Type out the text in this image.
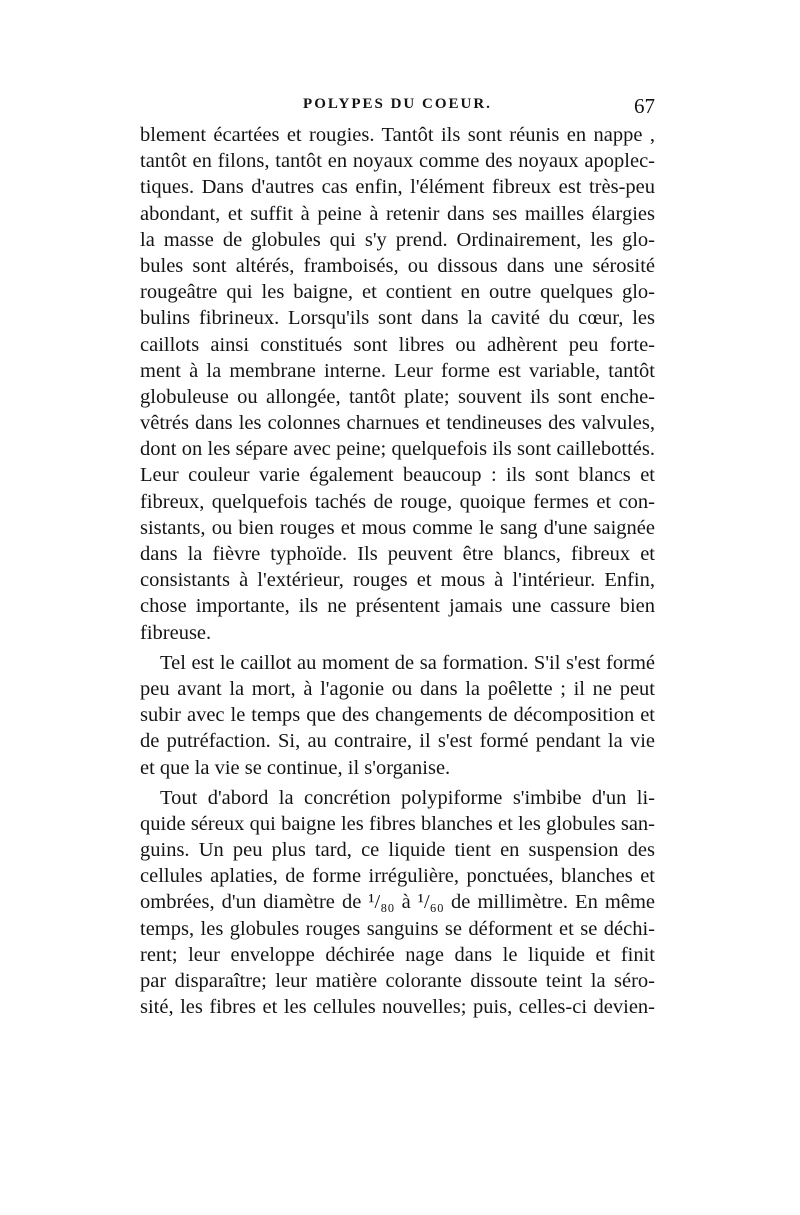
POLYPES DU COEUR.	67
blement écartées et rougies. Tantôt ils sont réunis en nappe ,
tantôt en filons, tantôt en noyaux comme des noyaux apoplec-
tiques. Dans d'autres cas enfin, l'élément fibreux est très-peu
abondant, et suffit à peine à retenir dans ses mailles élargies
la masse de globules qui s'y prend. Ordinairement, les glo-
bules sont altérés, framboisés, ou dissous dans une sérosité
rougeâtre qui les baigne, et contient en outre quelques glo-
bulins fibrineux. Lorsqu'ils sont dans la cavité du cœur, les
caillots ainsi constitués sont libres ou adhèrent peu forte-
ment à la membrane interne. Leur forme est variable, tantôt
globuleuse ou allongée, tantôt plate; souvent ils sont enche-
vêtrés dans les colonnes charnues et tendineuses des valvules,
dont on les sépare avec peine; quelquefois ils sont caillebottés.
Leur couleur varie également beaucoup : ils sont blancs et
fibreux, quelquefois tachés de rouge, quoique fermes et con-
sistants, ou bien rouges et mous comme le sang d'une saignée
dans la fièvre typhoïde. Ils peuvent être blancs, fibreux et
consistants à l'extérieur, rouges et mous à l'intérieur. Enfin,
chose importante, ils ne présentent jamais une cassure bien
fibreuse.
Tel est le caillot au moment de sa formation. S'il s'est formé
peu avant la mort, à l'agonie ou dans la poêlette ; il ne peut
subir avec le temps que des changements de décomposition et
de putréfaction. Si, au contraire, il s'est formé pendant la vie
et que la vie se continue, il s'organise.
Tout d'abord la concrétion polypiforme s'imbibe d'un li-
quide séreux qui baigne les fibres blanches et les globules san-
guins. Un peu plus tard, ce liquide tient en suspension des
cellules aplaties, de forme irrégulière, ponctuées, blanches et
ombrées, d'un diamètre de ¹/₈₀ à ¹/₆₀ de millimètre. En même
temps, les globules rouges sanguins se déforment et se déchi-
rent; leur enveloppe déchirée nage dans le liquide et finit
par disparaître; leur matière colorante dissoute teint la séro-
sité, les fibres et les cellules nouvelles; puis, celles-ci devien-
